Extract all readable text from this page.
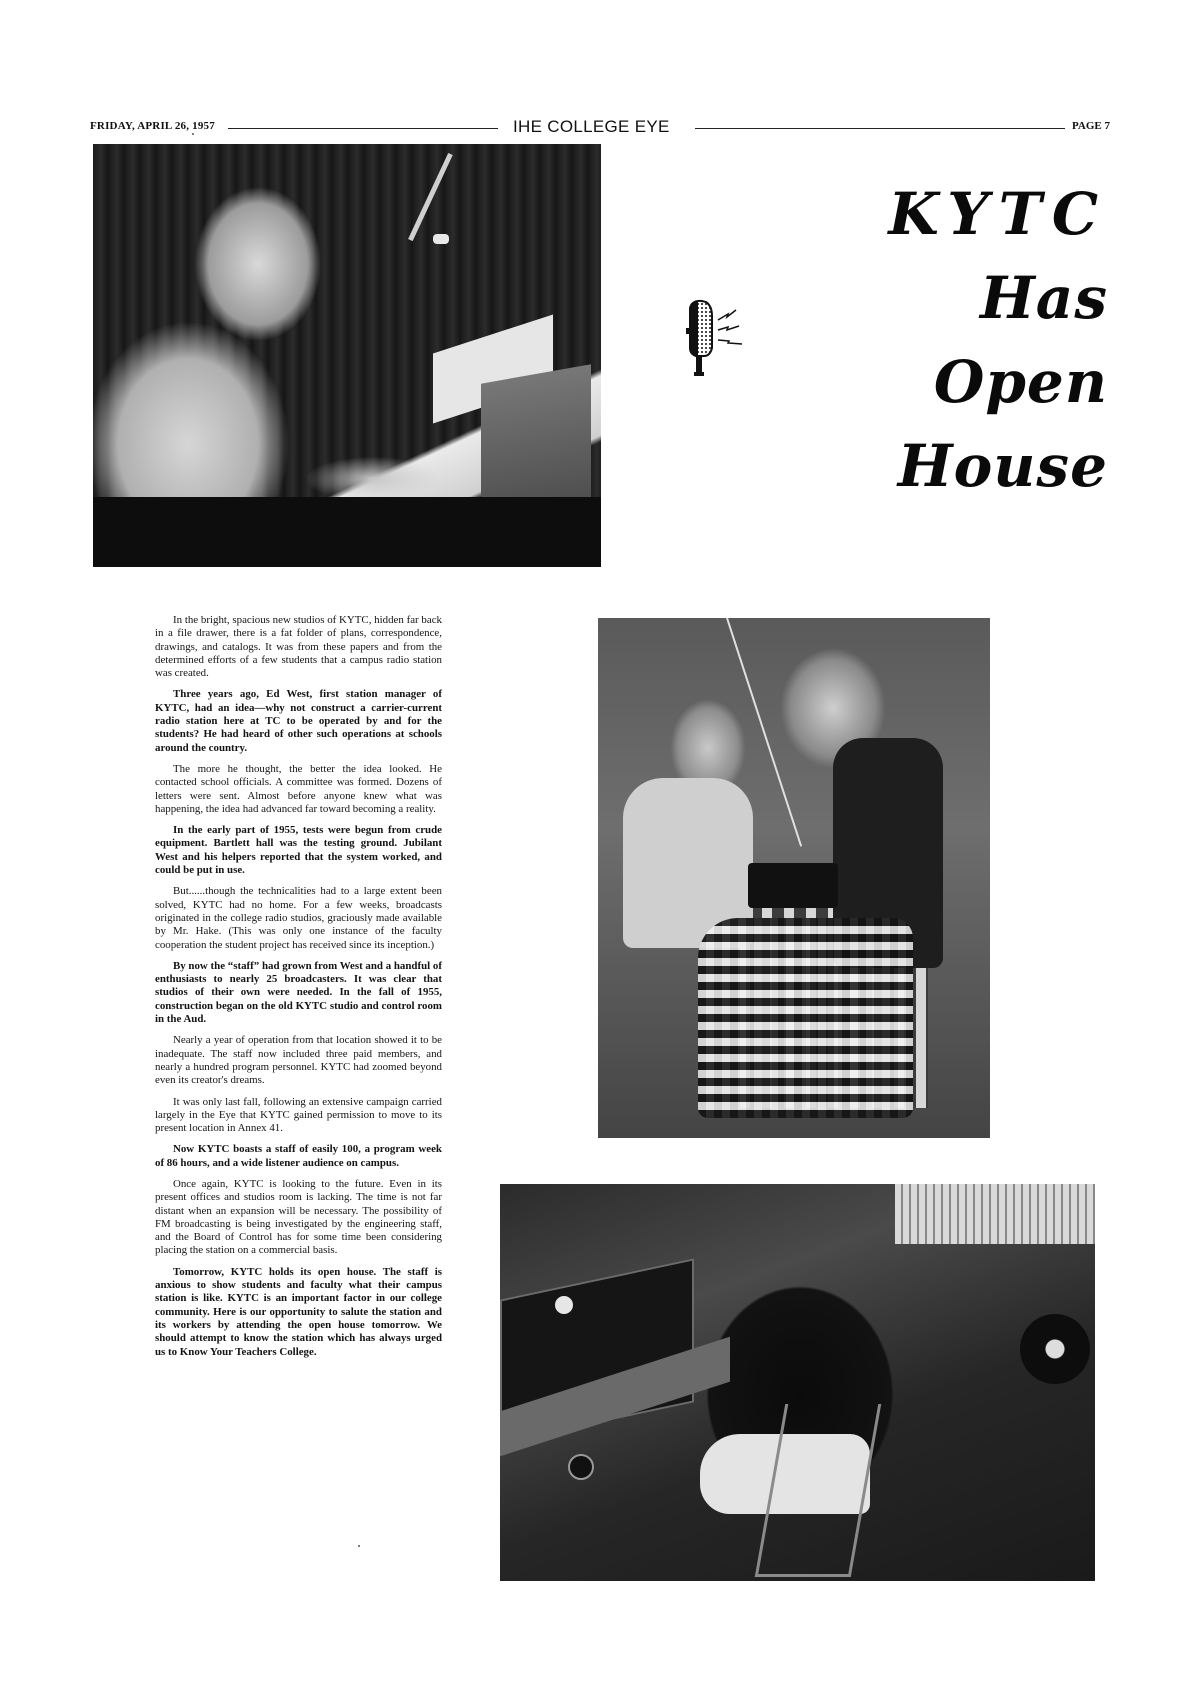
FRIDAY, APRIL 26, 1957	IHE COLLEGE EYE	PAGE 7
KYTC
Has
Open
House

In the bright, spacious new studios of KYTC, hidden far back in a file drawer, there is a fat folder of plans, correspondence, drawings, and catalogs. It was from these papers and from the determined efforts of a few students that a campus radio station was created.

Three years ago, Ed West, first station manager of KYTC, had an idea—why not construct a carrier-current radio station here at TC to be operated by and for the students? He had heard of other such operations at schools around the country.

The more he thought, the better the idea looked. He contacted school officials. A committee was formed. Dozens of letters were sent. Almost before anyone knew what was happening, the idea had advanced far toward becoming a reality.

In the early part of 1955, tests were begun from crude equipment. Bartlett hall was the testing ground. Jubilant West and his helpers reported that the system worked, and could be put in use.

But......though the technicalities had to a large extent been solved, KYTC had no home. For a few weeks, broadcasts originated in the college radio studios, graciously made available by Mr. Hake. (This was only one instance of the faculty cooperation the student project has received since its inception.)

By now the “staff” had grown from West and a handful of enthusiasts to nearly 25 broadcasters. It was clear that studios of their own were needed. In the fall of 1955, construction began on the old KYTC studio and control room in the Aud.

Nearly a year of operation from that location showed it to be inadequate. The staff now included three paid members, and nearly a hundred program personnel. KYTC had zoomed beyond even its creator's dreams.

It was only last fall, following an extensive campaign carried largely in the Eye that KYTC gained permission to move to its present location in Annex 41.

Now KYTC boasts a staff of easily 100, a program week of 86 hours, and a wide listener audience on campus.

Once again, KYTC is looking to the future. Even in its present offices and studios room is lacking. The time is not far distant when an expansion will be necessary. The possibility of FM broadcasting is being investigated by the engineering staff, and the Board of Control has for some time been considering placing the station on a commercial basis.

Tomorrow, KYTC holds its open house. The staff is anxious to show students and faculty what their campus station is like. KYTC is an important factor in our college community. Here is our opportunity to salute the station and its workers by attending the open house tomorrow. We should attempt to know the station which has always urged us to Know Your Teachers College.
